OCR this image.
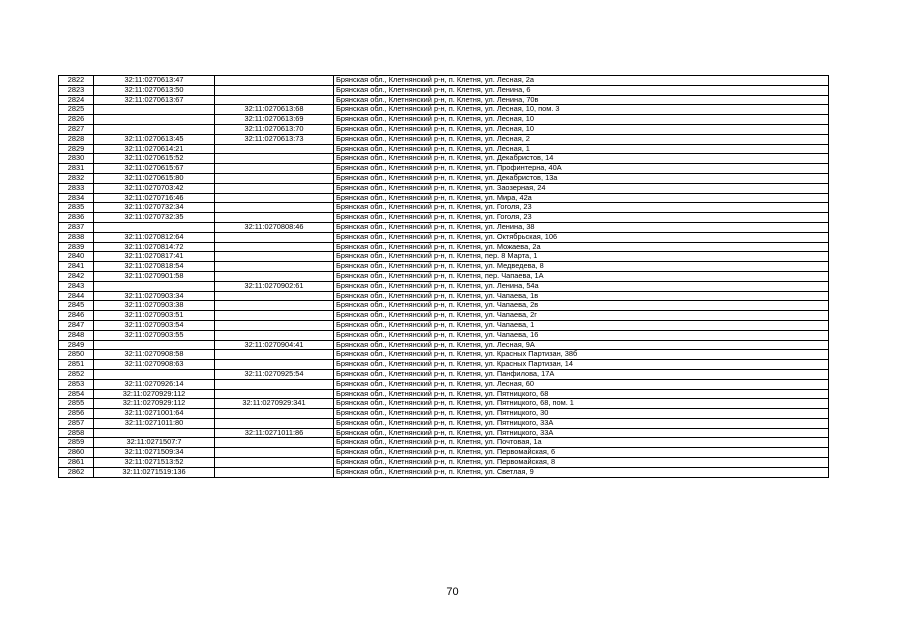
2822	32:11:0270613:47		Брянская обл., Клетнянский р-н, п. Клетня, ул. Лесная, 2а
2823	32:11:0270613:50		Брянская обл., Клетнянский р-н, п. Клетня, ул. Ленина, 6
2824	32:11:0270613:67		Брянская обл., Клетнянский р-н, п. Клетня, ул. Ленина, 70в
2825		32:11:0270613:68	Брянская обл., Клетнянский р-н, п. Клетня, ул. Лесная, 10, пом. 3
2826		32:11:0270613:69	Брянская обл., Клетнянский р-н, п. Клетня, ул. Лесная, 10
2827		32:11:0270613:70	Брянская обл., Клетнянский р-н, п. Клетня, ул. Лесная, 10
2828	32:11:0270613:45	32:11:0270613:73	Брянская обл., Клетнянский р-н, п. Клетня, ул. Лесная, 2
2829	32:11:0270614:21		Брянская обл., Клетнянский р-н, п. Клетня, ул. Лесная, 1
2830	32:11:0270615:52		Брянская обл., Клетнянский р-н, п. Клетня, ул. Декабристов, 14
2831	32:11:0270615:67		Брянская обл., Клетнянский р-н, п. Клетня, ул. Профинтерна, 40А
2832	32:11:0270615:80		Брянская обл., Клетнянский р-н, п. Клетня, ул. Декабристов, 13а
2833	32:11:0270703:42		Брянская обл., Клетнянский р-н, п. Клетня, ул. Заозерная, 24
2834	32:11:0270716:46		Брянская обл., Клетнянский р-н, п. Клетня, ул. Мира, 42а
2835	32:11:0270732:34		Брянская обл., Клетнянский р-н, п. Клетня, ул. Гоголя, 23
2836	32:11:0270732:35		Брянская обл., Клетнянский р-н, п. Клетня, ул. Гоголя, 23
2837		32:11:0270808:46	Брянская обл., Клетнянский р-н, п. Клетня, ул. Ленина, 38
2838	32:11:0270812:64		Брянская обл., Клетнянский р-н, п. Клетня, ул. Октябрьская, 106
2839	32:11:0270814:72		Брянская обл., Клетнянский р-н, п. Клетня, ул. Можаева, 2а
2840	32:11:0270817:41		Брянская обл., Клетнянский р-н, п. Клетня, пер. 8 Марта, 1
2841	32:11:0270818:54		Брянская обл., Клетнянский р-н, п. Клетня, ул. Медведева, 8
2842	32:11:0270901:58		Брянская обл., Клетнянский р-н, п. Клетня, пер. Чапаева, 1А
2843		32:11:0270902:61	Брянская обл., Клетнянский р-н, п. Клетня, ул. Ленина, 54а
2844	32:11:0270903:34		Брянская обл., Клетнянский р-н, п. Клетня, ул. Чапаева, 1в
2845	32:11:0270903:38		Брянская обл., Клетнянский р-н, п. Клетня, ул. Чапаева, 2в
2846	32:11:0270903:51		Брянская обл., Клетнянский р-н, п. Клетня, ул. Чапаева, 2г
2847	32:11:0270903:54		Брянская обл., Клетнянский р-н, п. Клетня, ул. Чапаева, 1
2848	32:11:0270903:55		Брянская обл., Клетнянский р-н, п. Клетня, ул. Чапаева, 16
2849		32:11:0270904:41	Брянская обл., Клетнянский р-н, п. Клетня, ул. Лесная, 9А
2850	32:11:0270908:58		Брянская обл., Клетнянский р-н, п. Клетня, ул. Красных Партизан, 38б
2851	32:11:0270908:63		Брянская обл., Клетнянский р-н, п. Клетня, ул. Красных Партизан, 14
2852		32:11:0270925:54	Брянская обл., Клетнянский р-н, п. Клетня, ул. Панфилова, 17А
2853	32:11:0270926:14		Брянская обл., Клетнянский р-н, п. Клетня, ул. Лесная, 60
2854	32:11:0270929:112		Брянская обл., Клетнянский р-н, п. Клетня, ул. Пятницкого, 68
2855	32:11:0270929:112	32:11:0270929:341	Брянская обл., Клетнянский р-н, п. Клетня, ул. Пятницкого, 68, пом. 1
2856	32:11:0271001:64		Брянская обл., Клетнянский р-н, п. Клетня, ул. Пятницкого, 30
2857	32:11:0271011:80		Брянская обл., Клетнянский р-н, п. Клетня, ул. Пятницкого, 33А
2858		32:11:0271011:86	Брянская обл., Клетнянский р-н, п. Клетня, ул. Пятницкого, 33А
2859	32:11:0271507:7		Брянская обл., Клетнянский р-н, п. Клетня, ул. Почтовая, 1а
2860	32:11:0271509:34		Брянская обл., Клетнянский р-н, п. Клетня, ул. Первомайская, 6
2861	32:11:0271513:52		Брянская обл., Клетнянский р-н, п. Клетня, ул. Первомайская, 8
2862	32:11:0271519:136		Брянская обл., Клетнянский р-н, п. Клетня, ул. Светлая, 9
70
